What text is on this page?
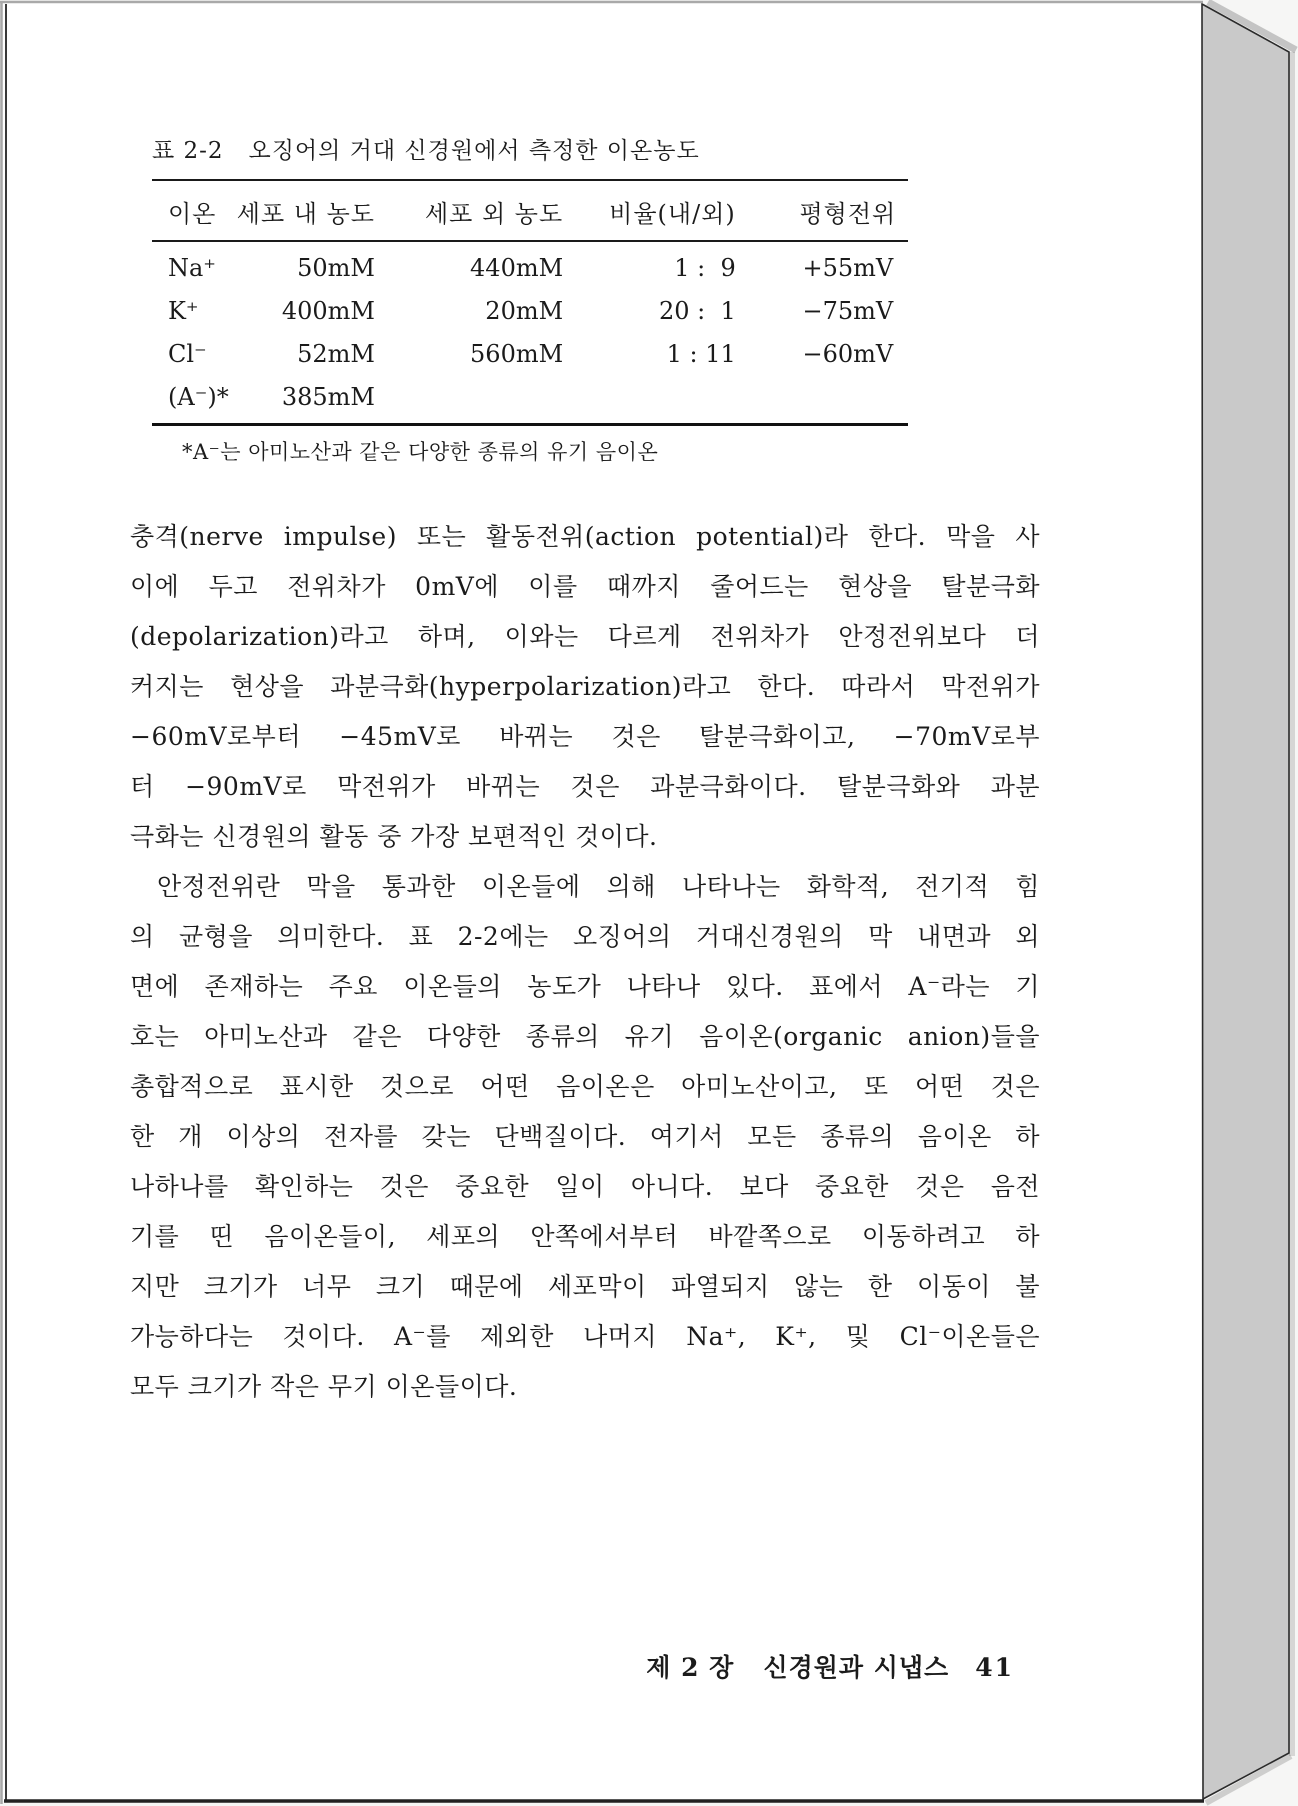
표 2-2   오징어의 거대 신경원에서 측정한 이온농도
이온	세포 내 농도	세포 외 농도	비율(내/외)	평형전위
Na⁺	50mM	440mM	1 :  9	+55mV
K⁺	400mM	20mM	20 :  1	−75mV
Cl⁻	52mM	560mM	1 : 11	−60mV
(A⁻)*	385mM			
*A⁻는 아미노산과 같은 다양한 종류의 유기 음이온
충격(nerve impulse) 또는 활동전위(action potential)라 한다. 막을 사
이에 두고 전위차가 0mV에 이를 때까지 줄어드는 현상을 탈분극화
(depolarization)라고 하며, 이와는 다르게 전위차가 안정전위보다 더
커지는 현상을 과분극화(hyperpolarization)라고 한다. 따라서 막전위가
−60mV로부터 −45mV로 바뀌는 것은 탈분극화이고, −70mV로부
터 −90mV로 막전위가 바뀌는 것은 과분극화이다. 탈분극화와 과분
극화는 신경원의 활동 중 가장 보편적인 것이다.
안정전위란 막을 통과한 이온들에 의해 나타나는 화학적, 전기적 힘
의 균형을 의미한다. 표 2-2에는 오징어의 거대신경원의 막 내면과 외
면에 존재하는 주요 이온들의 농도가 나타나 있다. 표에서 A⁻라는 기
호는 아미노산과 같은 다양한 종류의 유기 음이온(organic anion)들을
총합적으로 표시한 것으로 어떤 음이온은 아미노산이고, 또 어떤 것은
한 개 이상의 전자를 갖는 단백질이다. 여기서 모든 종류의 음이온 하
나하나를 확인하는 것은 중요한 일이 아니다. 보다 중요한 것은 음전
기를 띤 음이온들이, 세포의 안쪽에서부터 바깥쪽으로 이동하려고 하
지만 크기가 너무 크기 때문에 세포막이 파열되지 않는 한 이동이 불
가능하다는 것이다. A⁻를 제외한 나머지 Na⁺, K⁺, 및 Cl⁻이온들은
모두 크기가 작은 무기 이온들이다.
제 2 장   신경원과 시냅스 41
